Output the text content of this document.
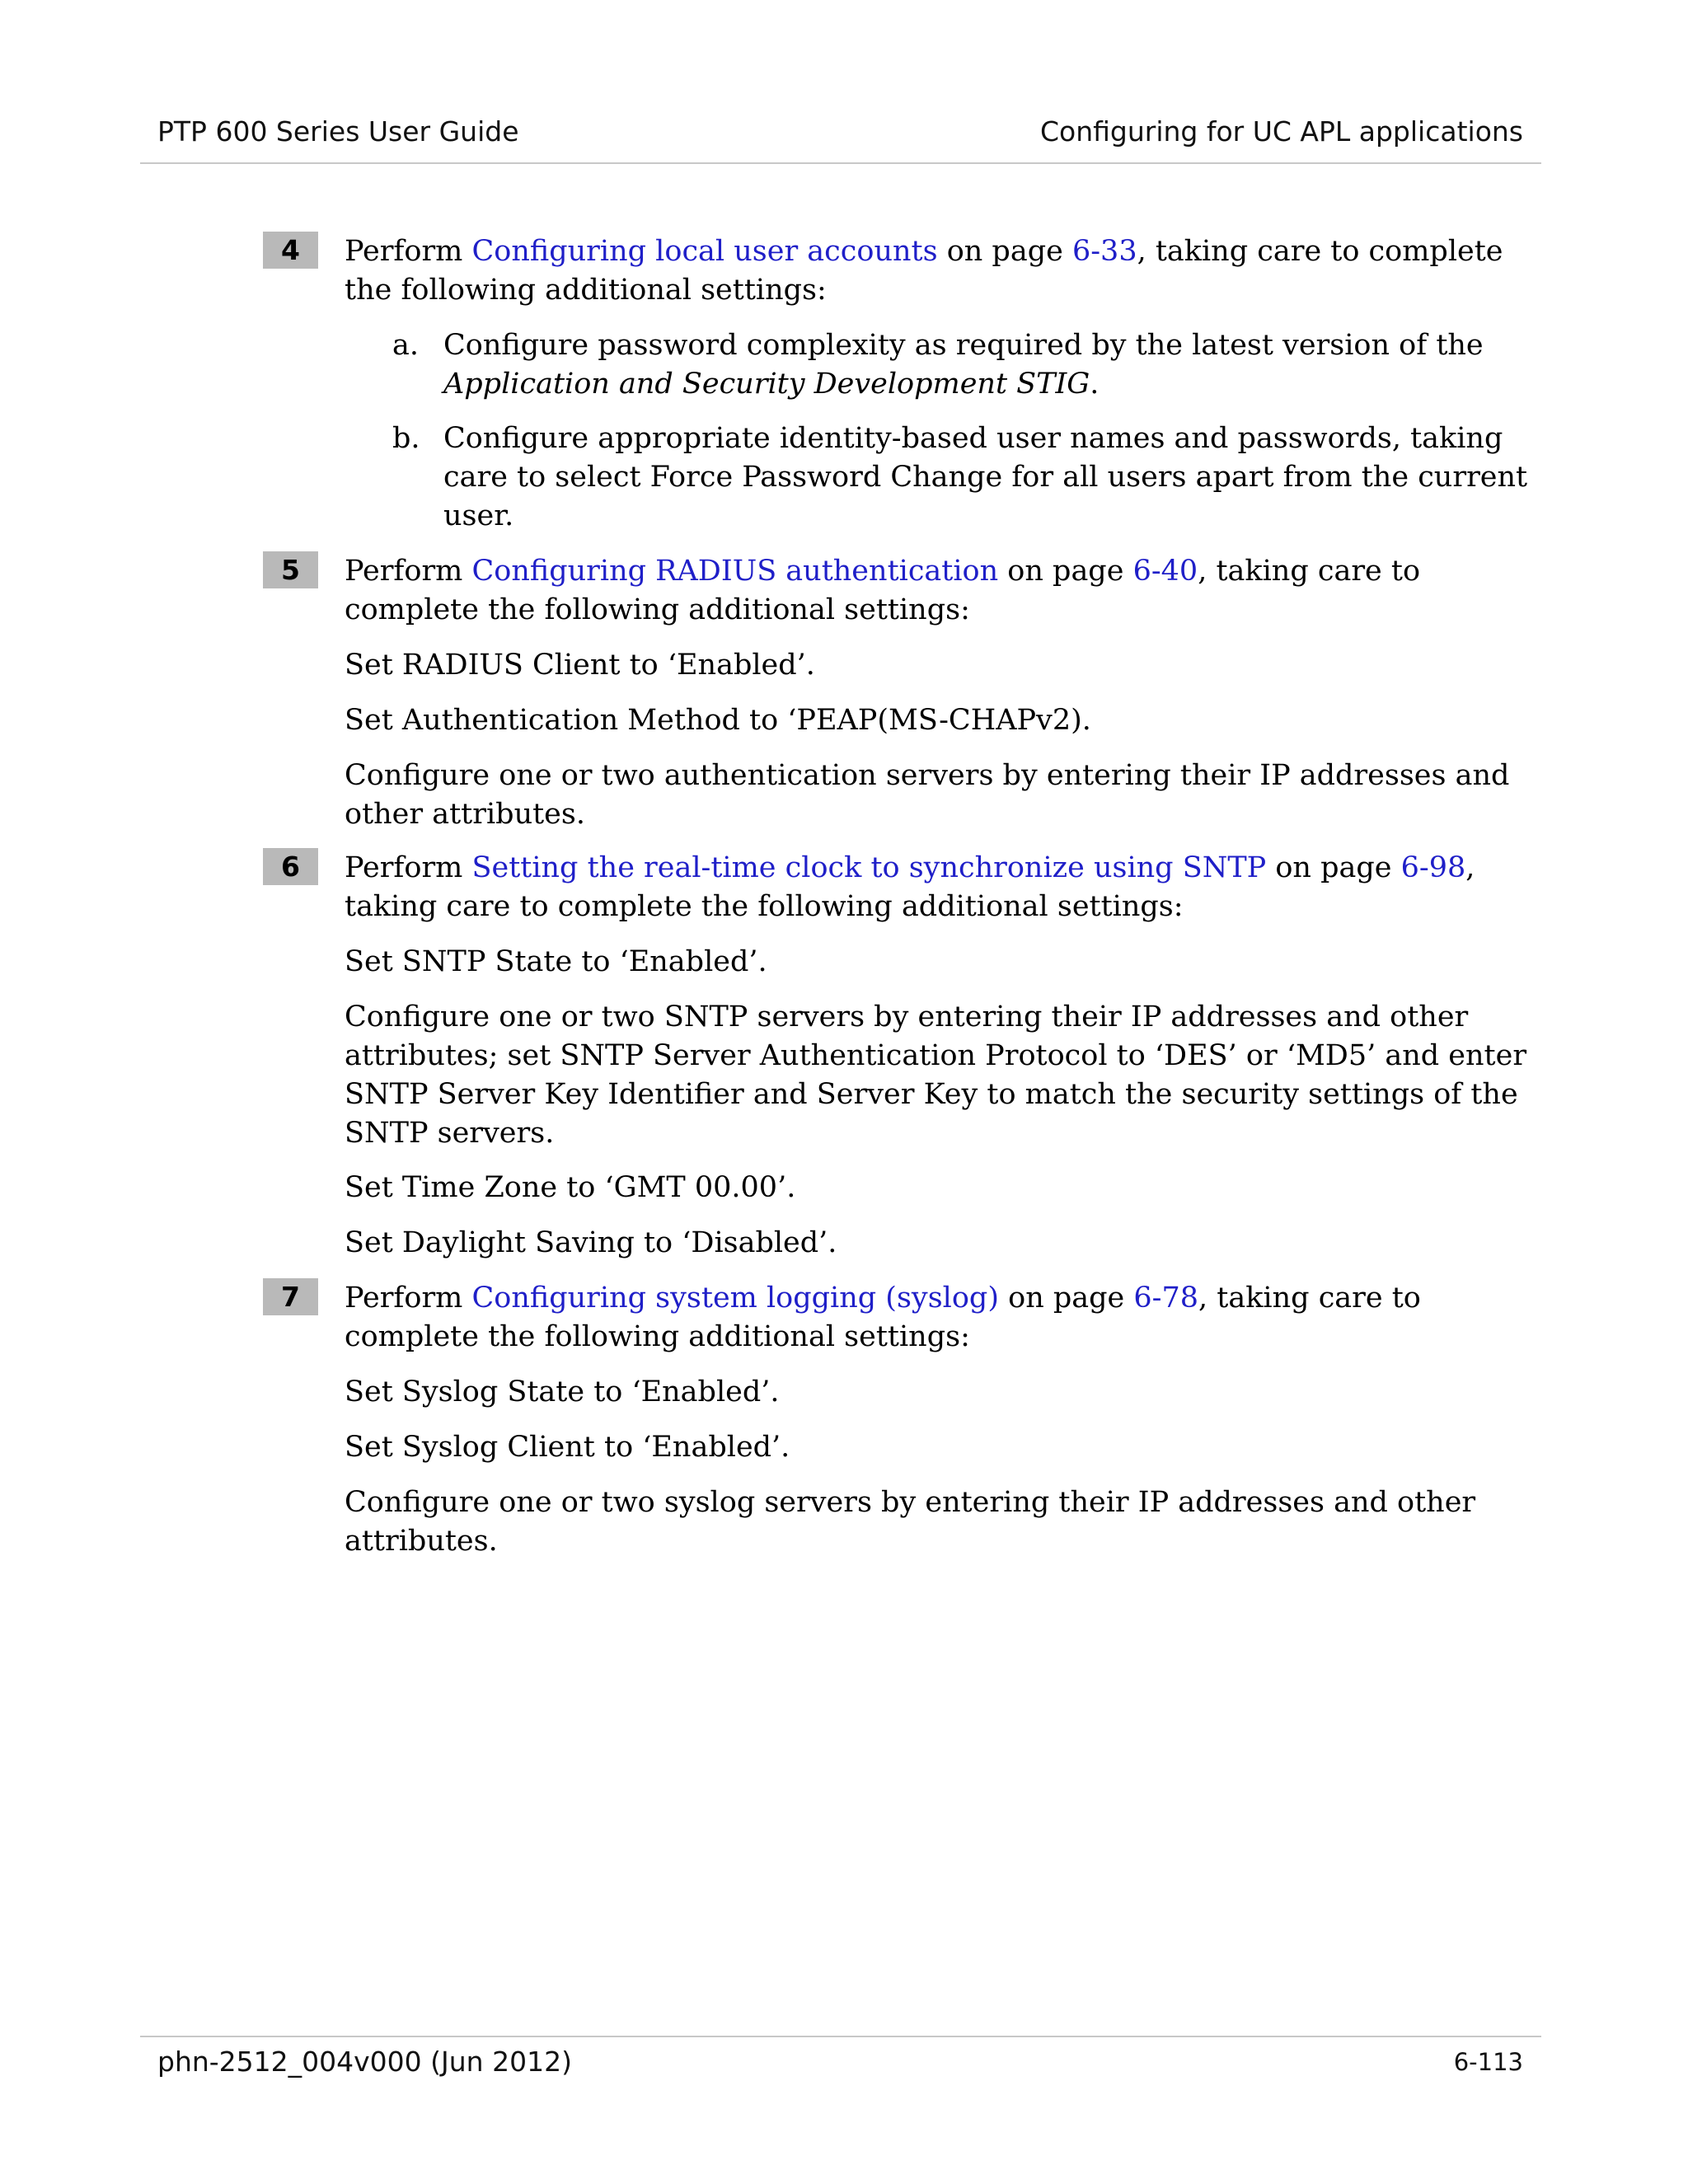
PTP 600 Series User Guide	Configuring for UC APL applications
4	Perform Configuring local user accounts on page 6-33, taking care to complete the following additional settings:
a. Configure password complexity as required by the latest version of the Application and Security Development STIG.
b. Configure appropriate identity-based user names and passwords, taking care to select Force Password Change for all users apart from the current user.
5	Perform Configuring RADIUS authentication on page 6-40, taking care to complete the following additional settings:
Set RADIUS Client to ‘Enabled’.
Set Authentication Method to ‘PEAP(MS-CHAPv2).
Configure one or two authentication servers by entering their IP addresses and other attributes.
6	Perform Setting the real-time clock to synchronize using SNTP on page 6-98, taking care to complete the following additional settings:
Set SNTP State to ‘Enabled’.
Configure one or two SNTP servers by entering their IP addresses and other attributes; set SNTP Server Authentication Protocol to ‘DES’ or ‘MD5’ and enter SNTP Server Key Identifier and Server Key to match the security settings of the SNTP servers.
Set Time Zone to ‘GMT 00.00’.
Set Daylight Saving to ‘Disabled’.
7	Perform Configuring system logging (syslog) on page 6-78, taking care to complete the following additional settings:
Set Syslog State to ‘Enabled’.
Set Syslog Client to ‘Enabled’.
Configure one or two syslog servers by entering their IP addresses and other attributes.
phn-2512_004v000 (Jun 2012)	6-113
